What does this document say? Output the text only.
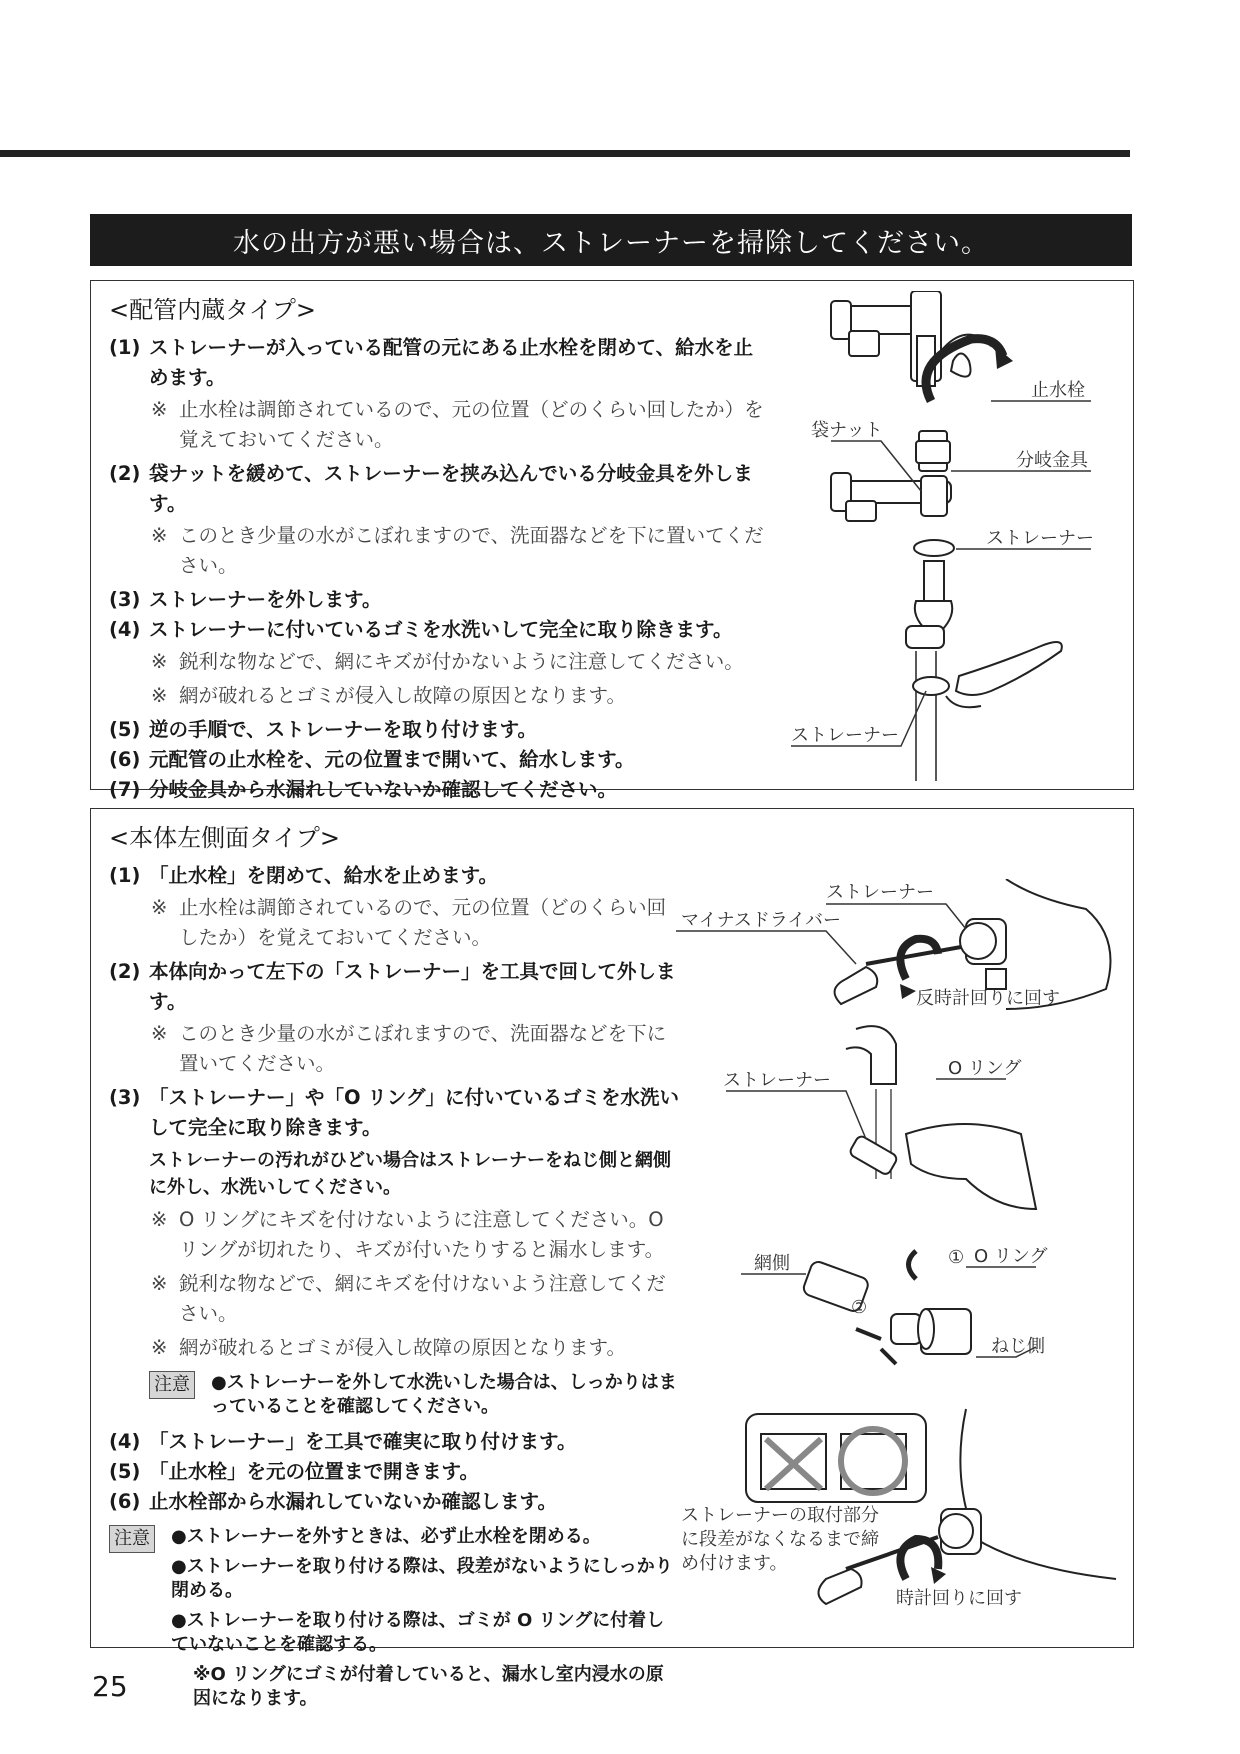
水の出方が悪い場合は、ストレーナーを掃除してください。
<配管内蔵タイプ>
(1) ストレーナーが入っている配管の元にある止水栓を閉めて、給水を止めます。
※ 止水栓は調節されているので、元の位置（どのくらい回したか）を覚えておいてください。
(2) 袋ナットを緩めて、ストレーナーを挟み込んでいる分岐金具を外します。
※ このとき少量の水がこぼれますので、洗面器などを下に置いてください。
(3) ストレーナーを外します。
(4) ストレーナーに付いているゴミを水洗いして完全に取り除きます。
※ 鋭利な物などで、網にキズが付かないように注意してください。
※ 網が破れるとゴミが侵入し故障の原因となります。
(5) 逆の手順で、ストレーナーを取り付けます。
(6) 元配管の止水栓を、元の位置まで開いて、給水します。
(7) 分岐金具から水漏れしていないか確認してください。
止水栓
袋ナット
分岐金具
ストレーナー
ストレーナー
<本体左側面タイプ>
(1) 「止水栓」を閉めて、給水を止めます。
※ 止水栓は調節されているので、元の位置（どのくらい回したか）を覚えておいてください。
(2) 本体向かって左下の「ストレーナー」を工具で回して外します。
※ このとき少量の水がこぼれますので、洗面器などを下に置いてください。
(3) 「ストレーナー」や「O リング」に付いているゴミを水洗いして完全に取り除きます。
ストレーナーの汚れがひどい場合はストレーナーをねじ側と網側に外し、水洗いしてください。
※ O リングにキズを付けないように注意してください。O リングが切れたり、キズが付いたりすると漏水します。
※ 鋭利な物などで、網にキズを付けないよう注意してください。
※ 網が破れるとゴミが侵入し故障の原因となります。
注意 ●ストレーナーを外して水洗いした場合は、しっかりはまっていることを確認してください。
(4) 「ストレーナー」を工具で確実に取り付けます。
(5) 「止水栓」を元の位置まで開きます。
(6) 止水栓部から水漏れしていないか確認します。
注意 ●ストレーナーを外すときは、必ず止水栓を閉める。
●ストレーナーを取り付ける際は、段差がないようにしっかり閉める。
●ストレーナーを取り付ける際は、ゴミが O リングに付着していないことを確認する。
※O リングにゴミが付着していると、漏水し室内浸水の原因になります。
ストレーナー
マイナスドライバー
反時計回りに回す
ストレーナー
O リング
網側	①
②
O リング
ねじ側
ストレーナーの取付部分
に段差がなくなるまで締
め付けます。
時計回りに回す
25
